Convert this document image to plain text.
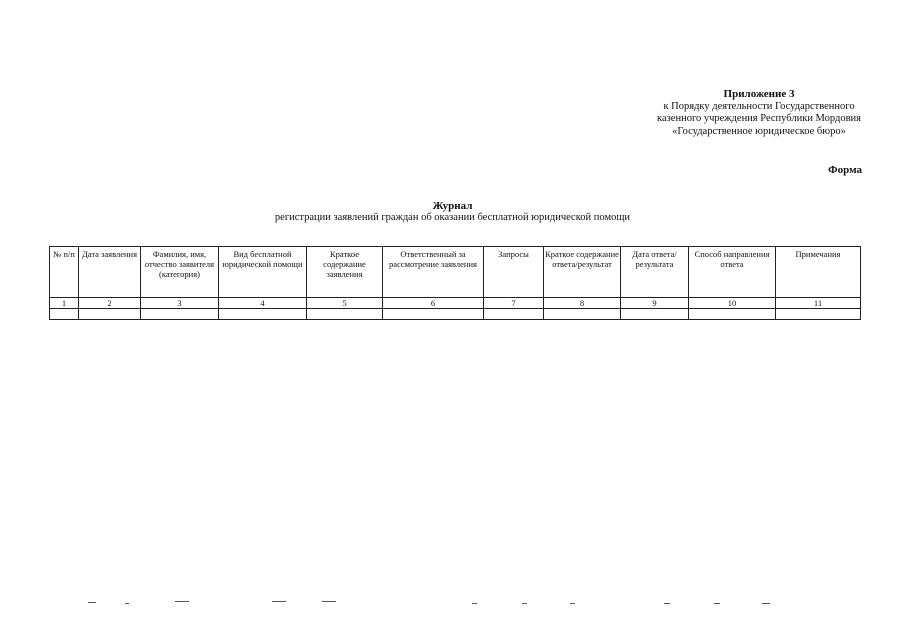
Приложение 3
к Порядку деятельности Государственного
казенного учреждения Республики Мордовия
«Государственное юридическое бюро»
Форма
Журнал
регистрации заявлений граждан об оказании бесплатной юридической помощи
№ п/п	Дата заявления	Фамилия, имя, отчество заявителя (категория)	Вид бесплатной юридической помощи	Краткое содержание заявления	Ответственный за рассмотрение заявления	Запросы	Краткое содержание ответа/результат	Дата ответа/результата	Способ направления ответа	Примечания
1	2	3	4	5	6	7	8	9	10	11
